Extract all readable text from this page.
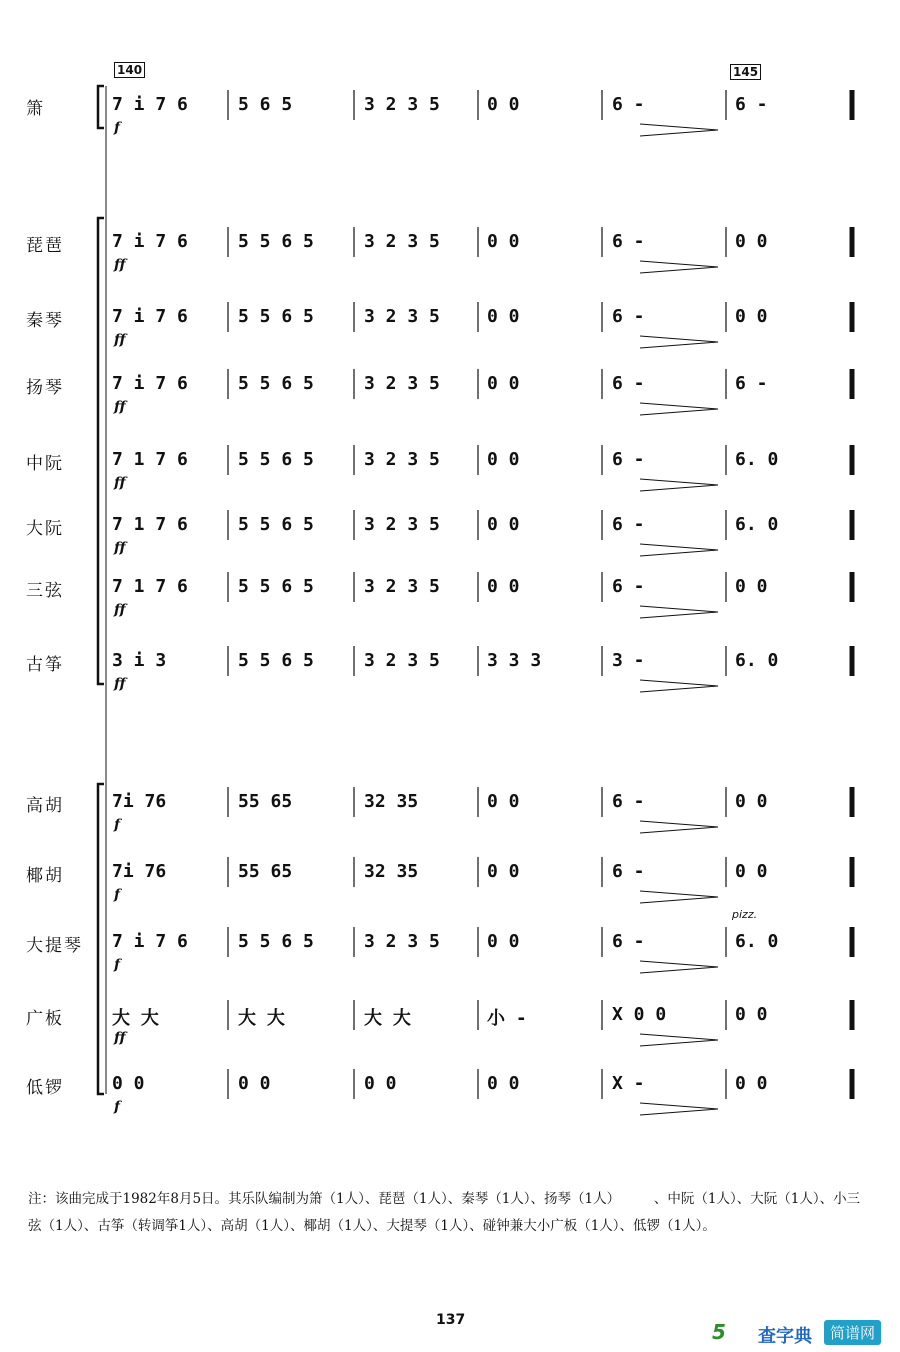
140	145
箫	7 i 7 6	5 6 5	3 2 3 5	0 0	6 -	6 -
f
琵琶	7 i 7 6	5 5 6 5	3 2 3 5	0 0	6 -	0 0
ff
秦琴	7 i 7 6	5 5 6 5	3 2 3 5	0 0	6 -	0 0
ff
扬琴	7 i 7 6	5 5 6 5	3 2 3 5	0 0	6 -	6 -
ff
中阮	7 1 7 6	5 5 6 5	3 2 3 5	0 0	6 -	6. 0
ff
大阮	7 1 7 6	5 5 6 5	3 2 3 5	0 0	6 -	6. 0
ff
三弦	7 1 7 6	5 5 6 5	3 2 3 5	0 0	6 -	0 0
ff
古筝	3 i 3	5 5 6 5	3 2 3 5	3 3 3	3 -	6. 0
ff
高胡	7i 76	55 65	32 35	0 0	6 -	0 0
f
椰胡	7i 76	55 65	32 35	0 0	6 -	0 0
f
大提琴 7 i 7 6	5 5 6 5	3 2 3 5	0 0	6 -	6. 0
f
广板	大 大	大 大	大 大	小 -	X 0 0	0 0
ff
低锣	0 0	0 0	0 0	0 0	X -	0 0
f
pizz.
注：该曲完成于1982年8月5日。其乐队编制为箫（1人）、琵琶（1人）、秦琴（1人）、扬琴（1人）　　　、中阮（1人）、大阮（1人）、小三弦（1人）、古筝（转调筝1人）、高胡（1人）、椰胡（1人）、大提琴（1人）、碰钟兼大小广板（1人）、低锣（1人）。
137	5 查字典	简谱网
